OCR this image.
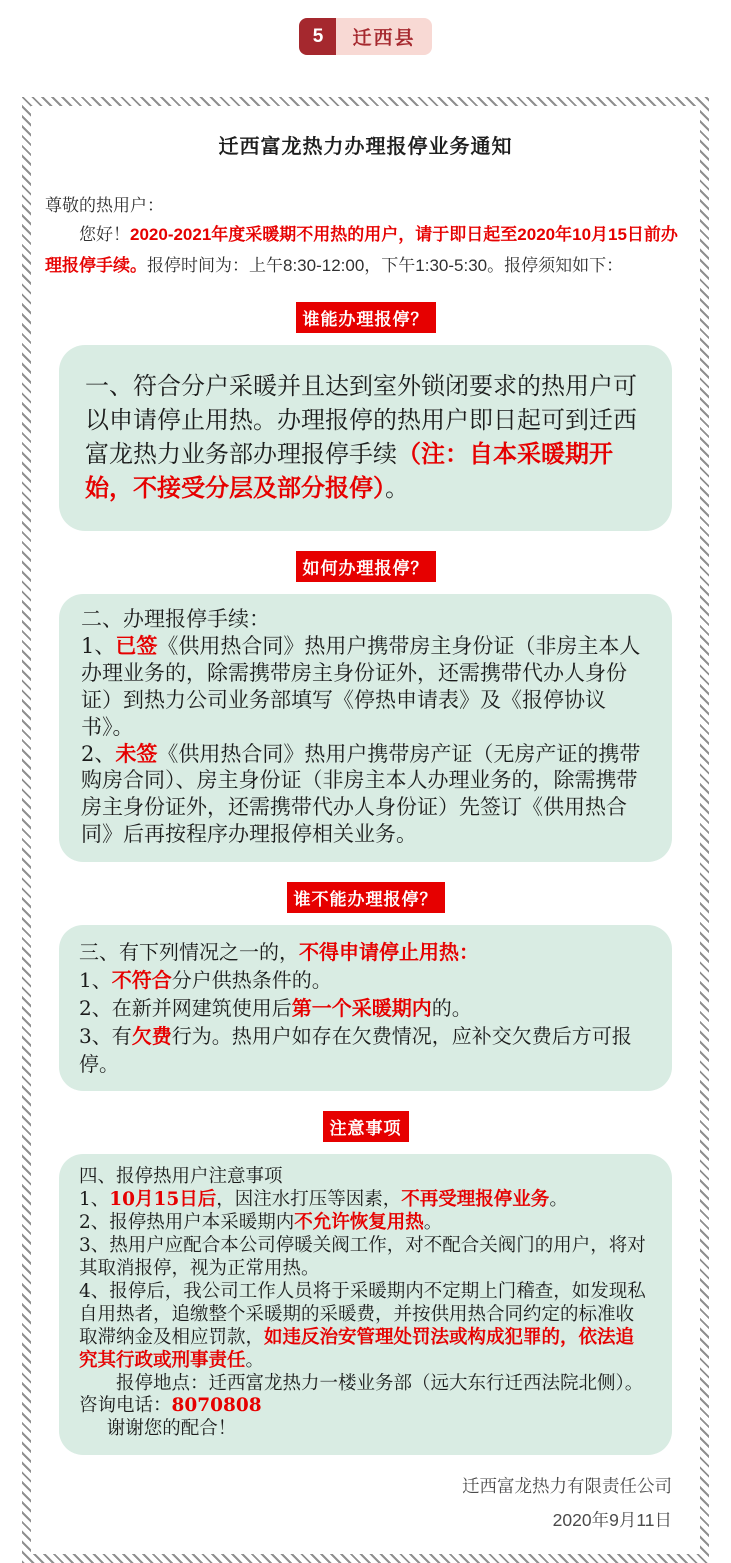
5	迁西县
迁西富龙热力办理报停业务通知

尊敬的热用户：

您好！2020-2021年度采暖期不用热的用户，请于即日起至2020年10月15日前办理报停手续。报停时间为：上午8:30-12:00，下午1:30-5:30。报停须知如下：

谁能办理报停？

一、符合分户采暖并且达到室外锁闭要求的热用户可以申请停止用热。办理报停的热用户即日起可到迁西富龙热力业务部办理报停手续（注：自本采暖期开始，不接受分层及部分报停）。

如何办理报停？

二、办理报停手续：

1、已签《供用热合同》热用户携带房主身份证（非房主本人办理业务的，除需携带房主身份证外，还需携带代办人身份证）到热力公司业务部填写《停热申请表》及《报停协议书》。

2、未签《供用热合同》热用户携带房产证（无房产证的携带购房合同）、房主身份证（非房主本人办理业务的，除需携带房主身份证外，还需携带代办人身份证）先签订《供用热合同》后再按程序办理报停相关业务。

谁不能办理报停？

三、有下列情况之一的，不得申请停止用热：

1、不符合分户供热条件的。

2、在新并网建筑使用后第一个采暖期内的。

3、有欠费行为。热用户如存在欠费情况，应补交欠费后方可报停。

注意事项

四、报停热用户注意事项

1、10月15日后，因注水打压等因素，不再受理报停业务。

2、报停热用户本采暖期内不允许恢复用热。

3、热用户应配合本公司停暖关阀工作，对不配合关阀门的用户，将对其取消报停，视为正常用热。

4、报停后，我公司工作人员将于采暖期内不定期上门稽查，如发现私自用热者，追缴整个采暖期的采暖费，并按供用热合同约定的标准收取滞纳金及相应罚款，如违反治安管理处罚法或构成犯罪的，依法追究其行政或刑事责任。

报停地点：迁西富龙热力一楼业务部（远大东行迁西法院北侧）。咨询电话：8070808

谢谢您的配合！

迁西富龙热力有限责任公司
2020年9月11日
